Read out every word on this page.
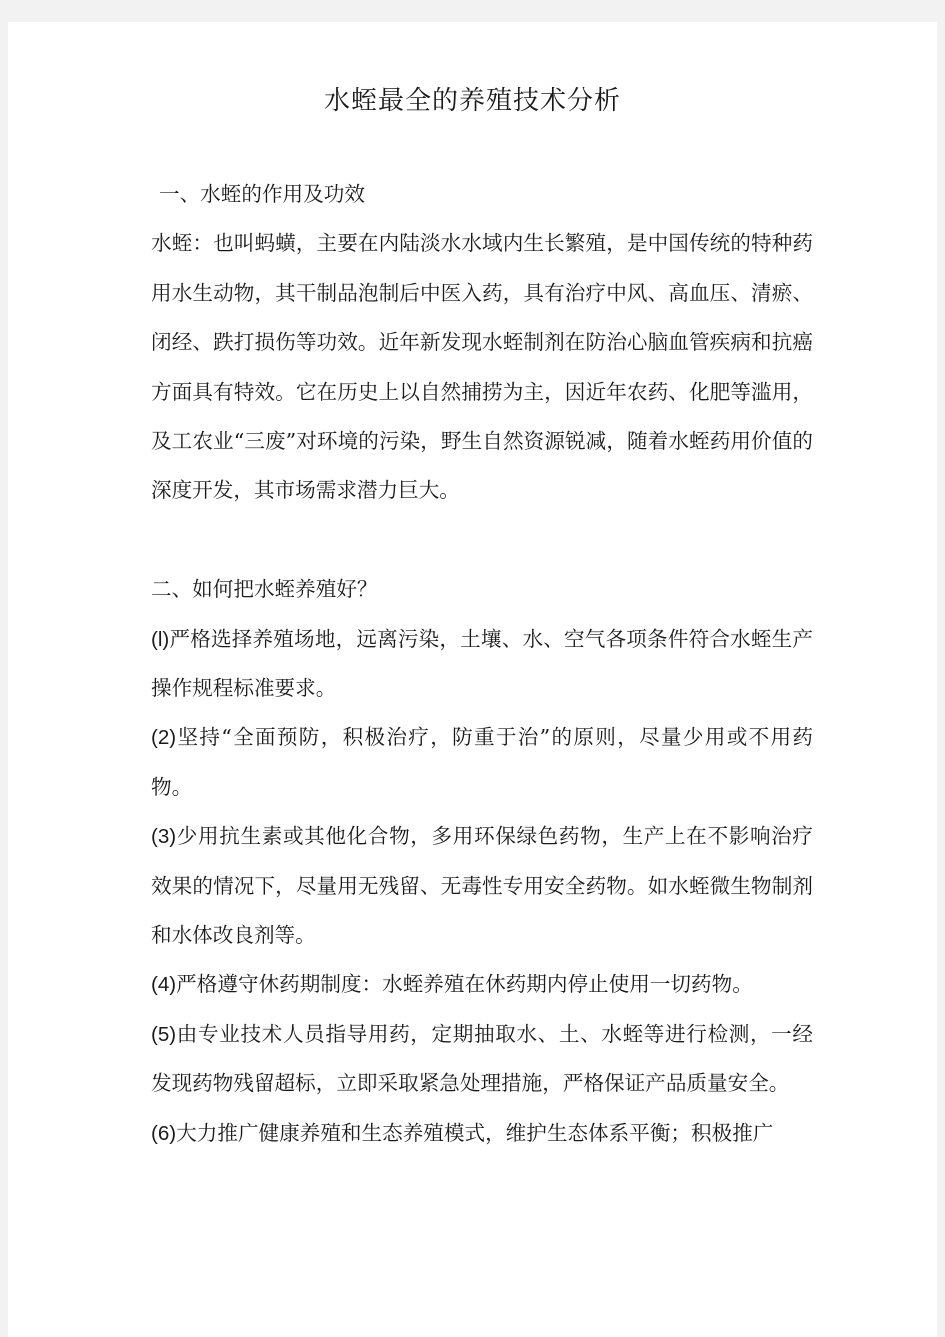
水蛭最全的养殖技术分析

一、水蛭的作用及功效

水蛭：也叫蚂蟥，主要在内陆淡水水域内生长繁殖，是中国传统的特种药用水生动物，其干制品泡制后中医入药，具有治疗中风、高血压、清瘀、闭经、跌打损伤等功效。近年新发现水蛭制剂在防治心脑血管疾病和抗癌方面具有特效。它在历史上以自然捕捞为主，因近年农药、化肥等滥用，及工农业“三废”对环境的污染，野生自然资源锐减，随着水蛭药用价值的深度开发，其市场需求潜力巨大。

二、如何把水蛭养殖好？

(l)严格选择养殖场地，远离污染，土壤、水、空气各项条件符合水蛭生产操作规程标准要求。

(2)坚持“全面预防，积极治疗，防重于治”的原则，尽量少用或不用药物。

(3)少用抗生素或其他化合物，多用环保绿色药物，生产上在不影响治疗效果的情况下，尽量用无残留、无毒性专用安全药物。如水蛭微生物制剂和水体改良剂等。

(4)严格遵守休药期制度：水蛭养殖在休药期内停止使用一切药物。

(5)由专业技术人员指导用药，定期抽取水、土、水蛭等进行检测，一经发现药物残留超标，立即采取紧急处理措施，严格保证产品质量安全。

(6)大力推广健康养殖和生态养殖模式，维护生态体系平衡；积极推广
